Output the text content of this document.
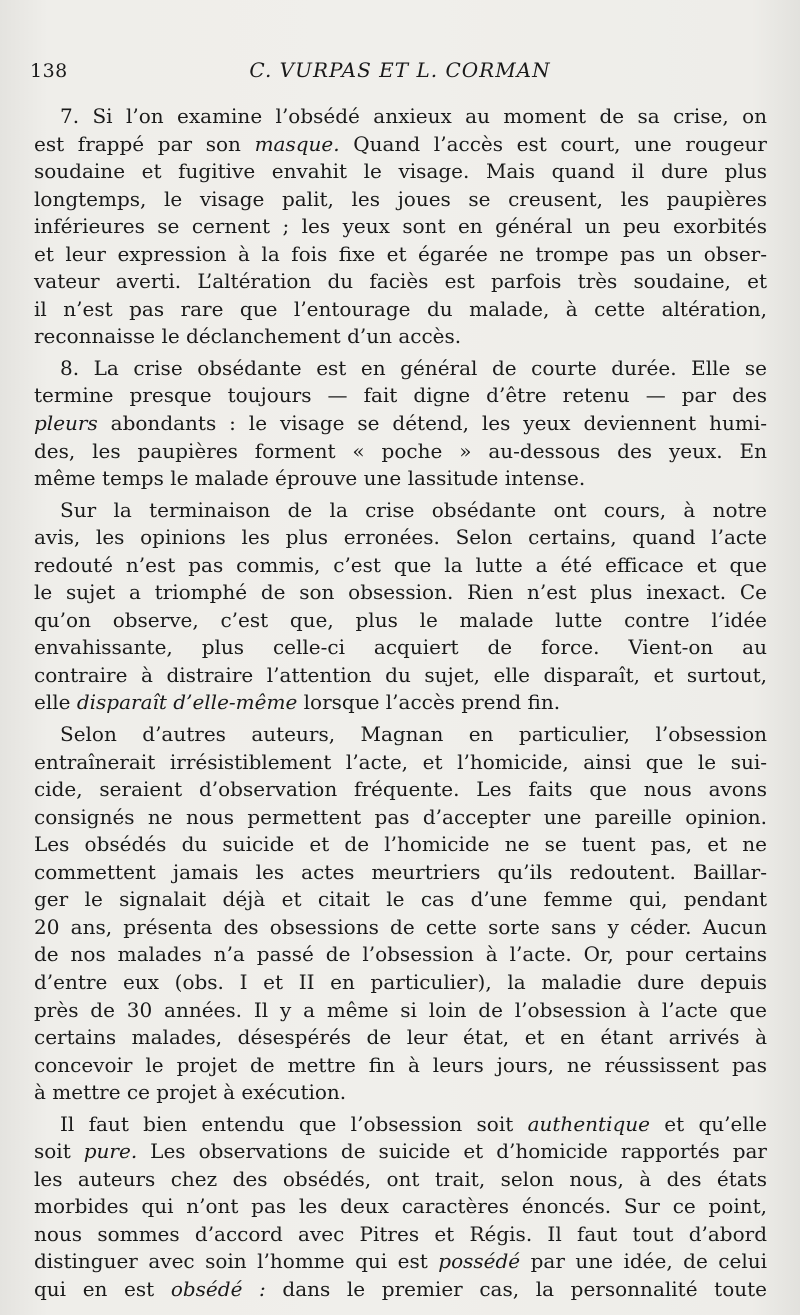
138	C. VURPAS ET L. CORMAN
7. Si l’on examine l’obsédé anxieux au moment de sa crise, on
est frappé par son masque. Quand l’accès est court, une rougeur
soudaine et fugitive envahit le visage. Mais quand il dure plus
longtemps, le visage palit, les joues se creusent, les paupières
inférieures se cernent ; les yeux sont en général un peu exorbités
et leur expression à la fois fixe et égarée ne trompe pas un obser-
vateur averti. L’altération du faciès est parfois très soudaine, et
il n’est pas rare que l’entourage du malade, à cette altération,
reconnaisse le déclanchement d’un accès.
8. La crise obsédante est en général de courte durée. Elle se
termine presque toujours — fait digne d’être retenu — par des
pleurs abondants : le visage se détend, les yeux deviennent humi-
des, les paupières forment « poche » au-dessous des yeux. En
même temps le malade éprouve une lassitude intense.
Sur la terminaison de la crise obsédante ont cours, à notre
avis, les opinions les plus erronées. Selon certains, quand l’acte
redouté n’est pas commis, c’est que la lutte a été efficace et que
le sujet a triomphé de son obsession. Rien n’est plus inexact. Ce
qu’on observe, c’est que, plus le malade lutte contre l’idée
envahissante, plus celle-ci acquiert de force. Vient-on au
contraire à distraire l’attention du sujet, elle disparaît, et surtout,
elle disparaît d’elle-même lorsque l’accès prend fin.
Selon d’autres auteurs, Magnan en particulier, l’obsession
entraînerait irrésistiblement l’acte, et l’homicide, ainsi que le sui-
cide, seraient d’observation fréquente. Les faits que nous avons
consignés ne nous permettent pas d’accepter une pareille opinion.
Les obsédés du suicide et de l’homicide ne se tuent pas, et ne
commettent jamais les actes meurtriers qu’ils redoutent. Baillar-
ger le signalait déjà et citait le cas d’une femme qui, pendant
20 ans, présenta des obsessions de cette sorte sans y céder. Aucun
de nos malades n’a passé de l’obsession à l’acte. Or, pour certains
d’entre eux (obs. I et II en particulier), la maladie dure depuis
près de 30 années. Il y a même si loin de l’obsession à l’acte que
certains malades, désespérés de leur état, et en étant arrivés à
concevoir le projet de mettre fin à leurs jours, ne réussissent pas
à mettre ce projet à exécution.
Il faut bien entendu que l’obsession soit authentique et qu’elle
soit pure. Les observations de suicide et d’homicide rapportés par
les auteurs chez des obsédés, ont trait, selon nous, à des états
morbides qui n’ont pas les deux caractères énoncés. Sur ce point,
nous sommes d’accord avec Pitres et Régis. Il faut tout d’abord
distinguer avec soin l’homme qui est possédé par une idée, de celui
qui en est obsédé : dans le premier cas, la personnalité toute
